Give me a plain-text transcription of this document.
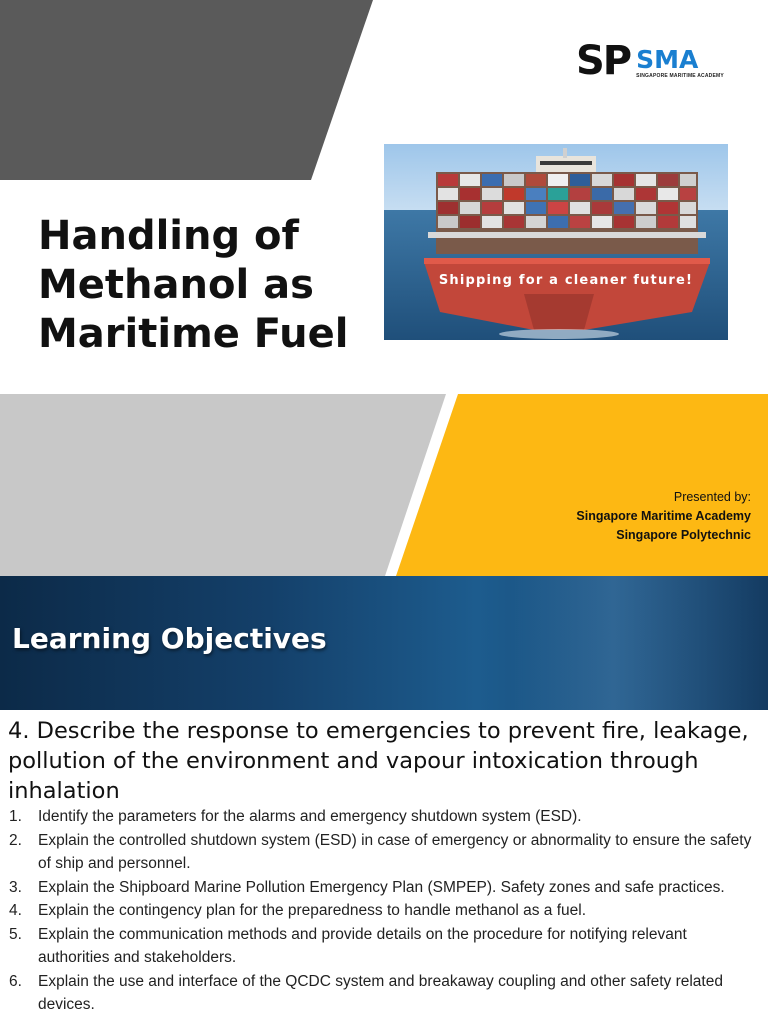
SP SMA
SINGAPORE MARITIME ACADEMY
Handling of
Methanol as
Maritime Fuel
Shipping for a cleaner future!
Presented by:
Singapore Maritime Academy
Singapore Polytechnic
Learning Objectives

4. Describe the response to emergencies to prevent fire, leakage, pollution of the environment and vapour intoxication through inhalation

1.	Identify the parameters for the alarms and emergency shutdown system (ESD).
2.	Explain the controlled shutdown system (ESD) in case of emergency or abnormality to ensure the safety of ship and personnel.
3.	Explain the Shipboard Marine Pollution Emergency Plan (SMPEP). Safety zones and safe practices.
4.	Explain the contingency plan for the preparedness to handle methanol as a fuel.
5.	Explain the communication methods and provide details on the procedure for notifying relevant authorities and stakeholders.
6.	Explain the use and interface of the QCDC system and breakaway coupling and other safety related devices.
